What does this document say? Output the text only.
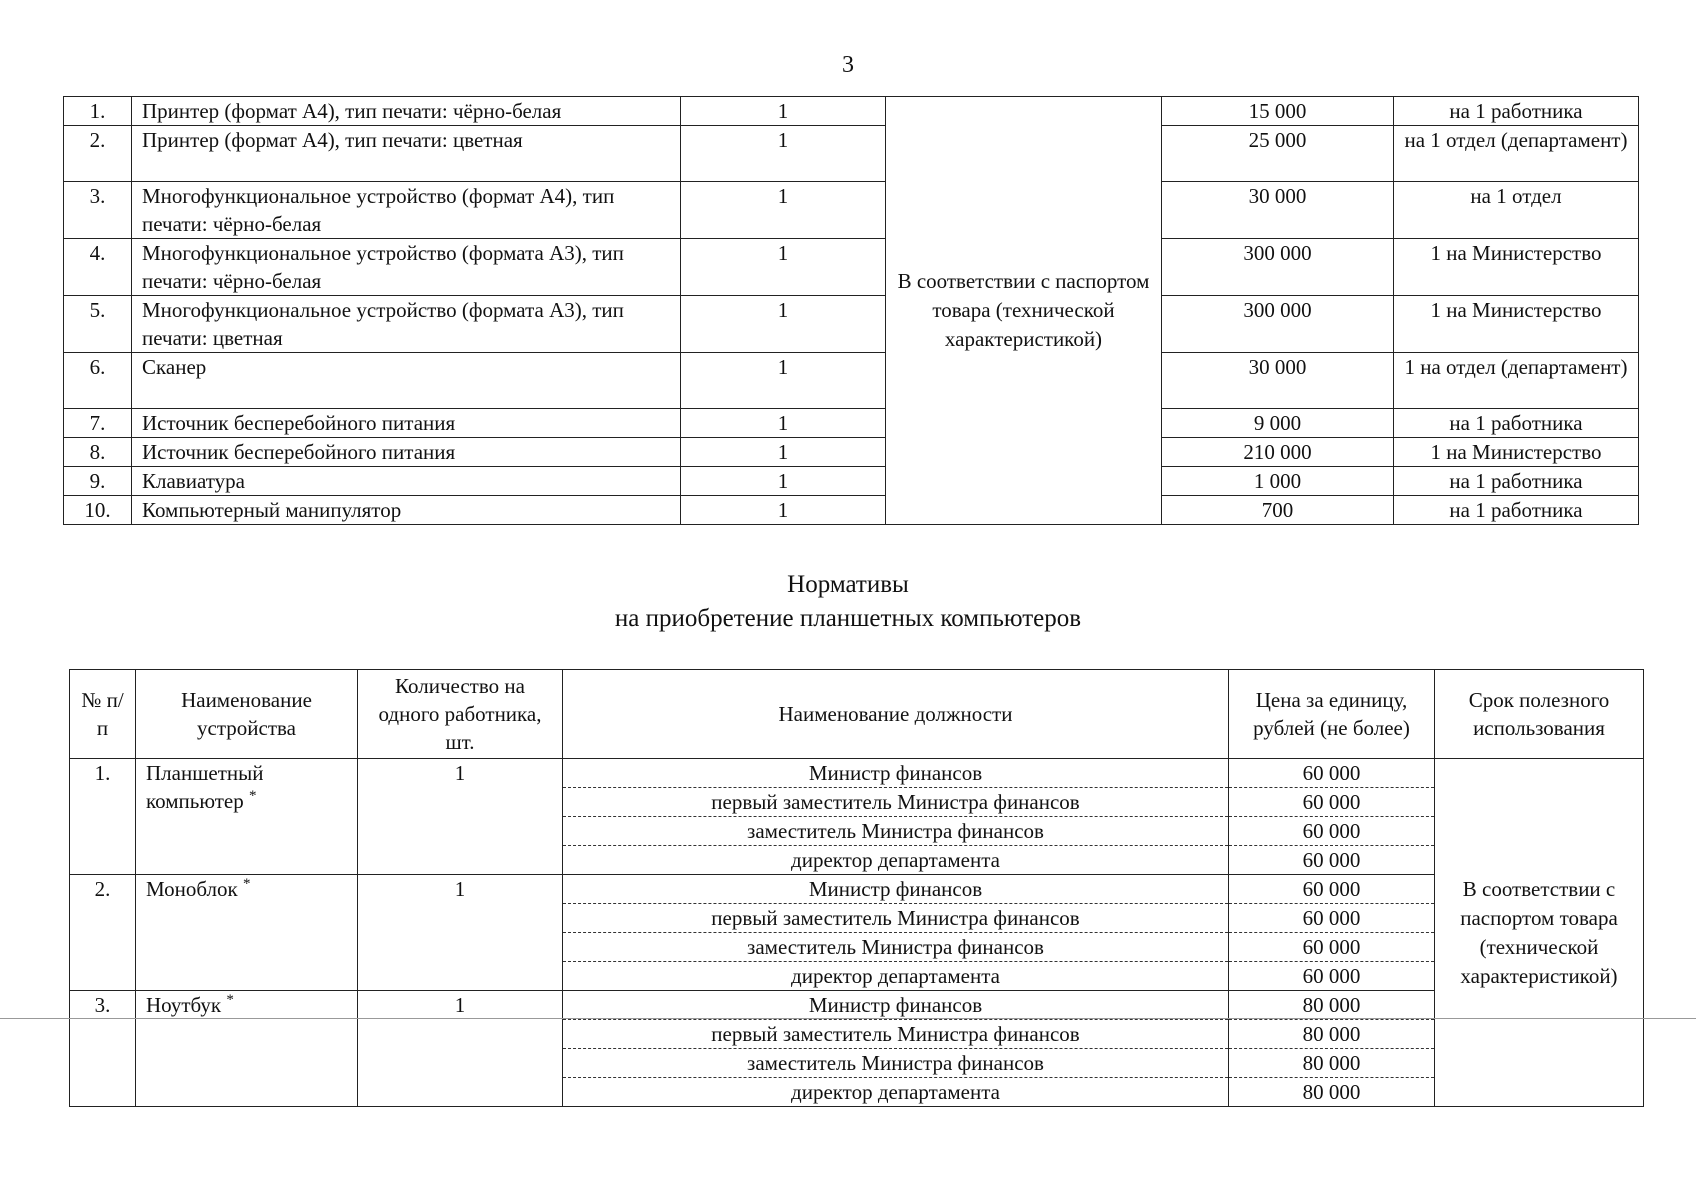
3
1.	Принтер (формат А4), тип печати: чёрно-белая	1	В соответствии с паспортом товара (технической характеристикой)	15 000	на 1 работника
2.	Принтер (формат А4), тип печати: цветная	1		25 000	на 1 отдел (департамент)
3.	Многофункциональное устройство (формат А4), тип печати: чёрно-белая	1		30 000	на 1 отдел
4.	Многофункциональное устройство (формата А3), тип печати: чёрно-белая	1		300 000	1 на Министерство
5.	Многофункциональное устройство (формата А3), тип печати: цветная	1		300 000	1 на Министерство
6.	Сканер	1		30 000	1 на отдел (департамент)
7.	Источник бесперебойного питания	1		9 000	на 1 работника
8.	Источник бесперебойного питания	1		210 000	1 на Министерство
9.	Клавиатура	1		1 000	на 1 работника
10.	Компьютерный манипулятор	1		700	на 1 работника
Нормативы
на приобретение планшетных компьютеров
№ п/п	Наименование устройства	Количество на одного работника, шт.	Наименование должности	Цена за единицу, рублей (не более)	Срок полезного использования
1.	Планшетный компьютер *	1	Министр финансов	60 000	В соответствии с паспортом товара (технической характеристикой)
			первый заместитель Министра финансов	60 000	
			заместитель Министра финансов	60 000	
			директор департамента	60 000	
2.	Моноблок *	1	Министр финансов	60 000	
			первый заместитель Министра финансов	60 000	
			заместитель Министра финансов	60 000	
			директор департамента	60 000	
3.	Ноутбук *	1	Министр финансов	80 000	
			первый заместитель Министра финансов	80 000	
			заместитель Министра финансов	80 000	
			директор департамента	80 000	
